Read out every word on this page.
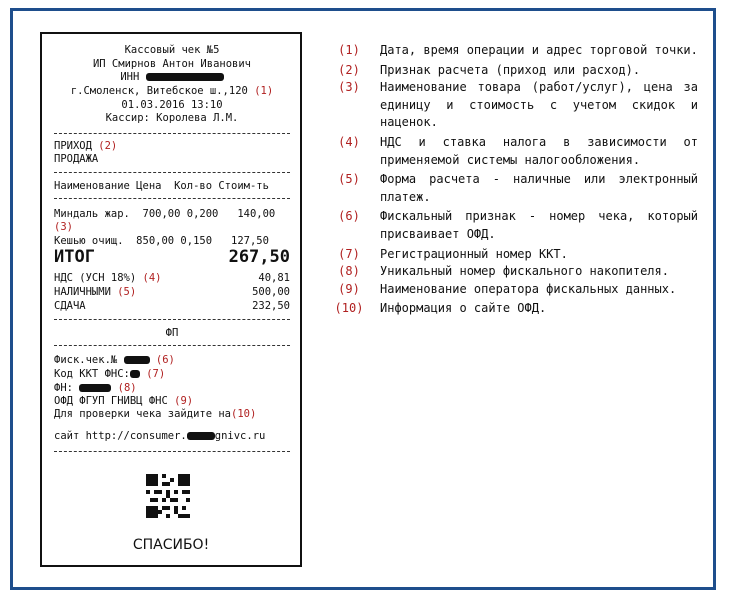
Кассовый чек №5
ИП Смирнов Антон Иванович
ИНН
г.Смоленск, Витебское ш.,120 (1)
01.03.2016 13:10
Кассир: Королева Л.М.
ПРИХОД (2)
ПРОДАЖА
Наименование Цена  Кол-во Стоим-ть
Миндаль жар.  700,00 0,200   140,00
(3)
Кешью очищ.  850,00 0,150   127,50
ИТОГ	267,50
НДС (УСН 18%) (4)	40,81
НАЛИЧНЫМИ (5)	500,00
СДАЧА	232,50
ФП
Фиск.чек.№	(6)
Код ККТ ФНС: (7)
ФН:	(8)
ОФД ФГУП ГНИВЦ ФНС (9)
Для проверки чека зайдите на(10)
сайт http://consumer.	gnivc.ru
СПАСИБО!
(1)	Дата, время операции и адрес торговой точки.
(2)	Признак расчета (приход или расход).
(3)	Наименование товара (работ/услуг), цена за единицу и стоимость с учетом скидок и наценок.
(4)	НДС и ставка налога в зависимости от применяемой системы налогообложения.
(5)	Форма расчета - наличные или электронный платеж.
(6)	Фискальный признак - номер чека, который присваивает ОФД.
(7)	Регистрационный номер ККТ.
(8)	Уникальный номер фискального накопителя.
(9)	Наименование оператора фискальных данных.
(10)	Информация о сайте ОФД.
